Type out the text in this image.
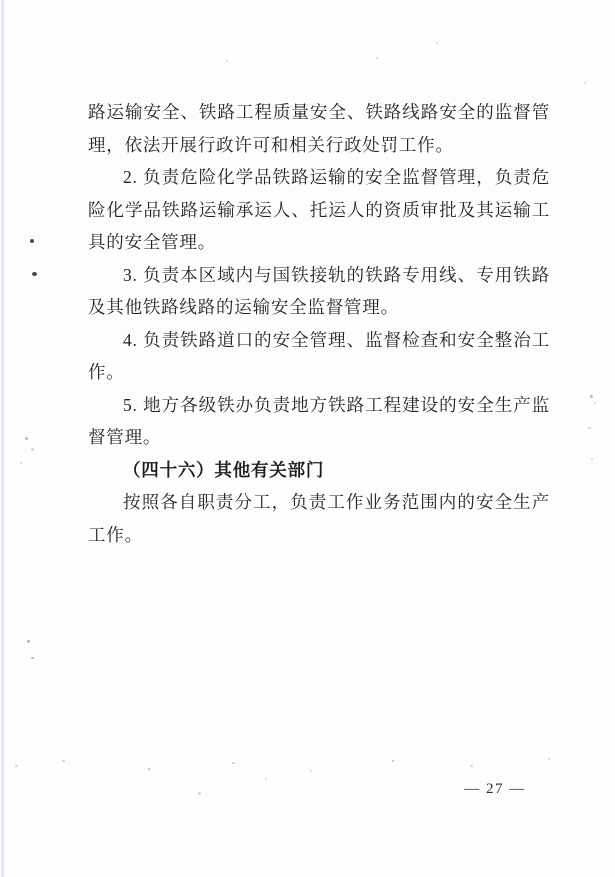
路运输安全、铁路工程质量安全、铁路线路安全的监督管理，依法开展行政许可和相关行政处罚工作。

2. 负责危险化学品铁路运输的安全监督管理，负责危险化学品铁路运输承运人、托运人的资质审批及其运输工具的安全管理。

3. 负责本区域内与国铁接轨的铁路专用线、专用铁路及其他铁路线路的运输安全监督管理。

4. 负责铁路道口的安全管理、监督检查和安全整治工作。

5. 地方各级铁办负责地方铁路工程建设的安全生产监督管理。

（四十六）其他有关部门

按照各自职责分工，负责工作业务范围内的安全生产工作。

— 27 —
